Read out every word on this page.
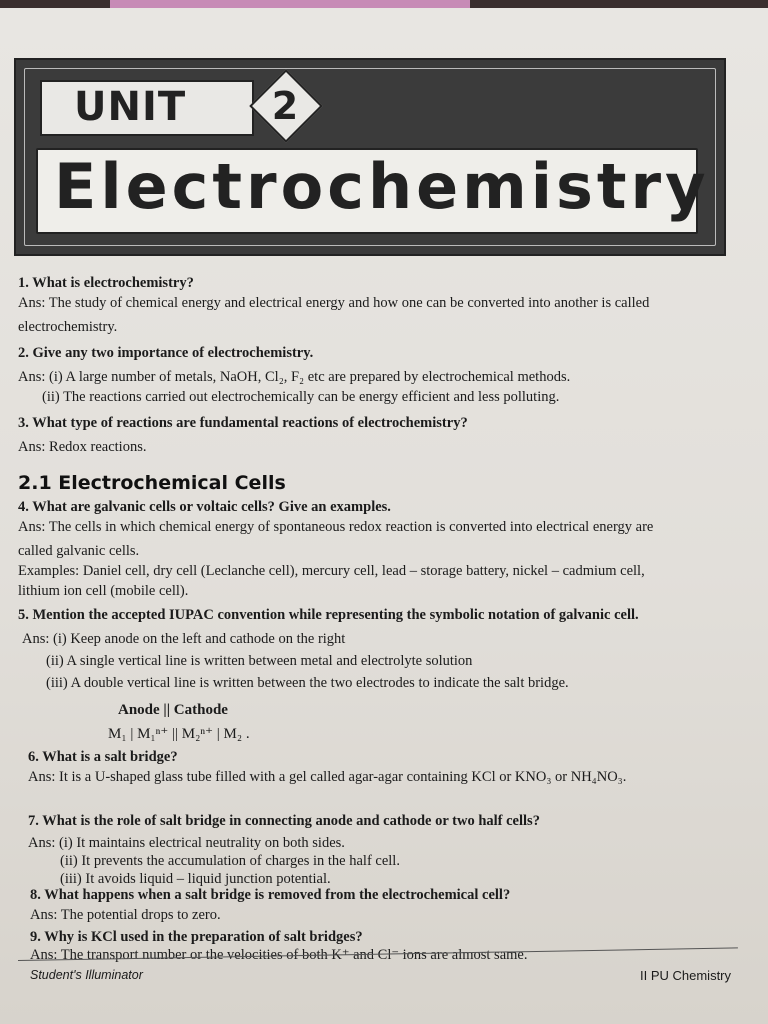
UNIT 2
Electrochemistry
1. What is electrochemistry?
Ans: The study of chemical energy and electrical energy and how one can be converted into another is called
electrochemistry.
2. Give any two importance of electrochemistry.
Ans: (i) A large number of metals, NaOH, Cl₂, F₂ etc are prepared by electrochemical methods.
(ii) The reactions carried out electrochemically can be energy efficient and less polluting.
3. What type of reactions are fundamental reactions of electrochemistry?
Ans: Redox reactions.
2.1 Electrochemical Cells
4. What are galvanic cells or voltaic cells? Give an examples.
Ans: The cells in which chemical energy of spontaneous redox reaction is converted into electrical energy are
called galvanic cells.
Examples: Daniel cell, dry cell (Leclanche cell), mercury cell, lead – storage battery, nickel – cadmium cell,
lithium ion cell (mobile cell).
5. Mention the accepted IUPAC convention while representing the symbolic notation of galvanic cell.
Ans: (i) Keep anode on the left and cathode on the right
(ii) A single vertical line is written between metal and electrolyte solution
(iii) A double vertical line is written between the two electrodes to indicate the salt bridge.
Anode || Cathode
M₁ | M₁ⁿ⁺ || M₂ⁿ⁺ | M₂ .
6. What is a salt bridge?
Ans: It is a U-shaped glass tube filled with a gel called agar-agar containing KCl or KNO₃ or NH₄NO₃.
7. What is the role of salt bridge in connecting anode and cathode or two half cells?
Ans: (i) It maintains electrical neutrality on both sides.
(ii) It prevents the accumulation of charges in the half cell.
(iii) It avoids liquid – liquid junction potential.
8. What happens when a salt bridge is removed from the electrochemical cell?
Ans: The potential drops to zero.
9. Why is KCl used in the preparation of salt bridges?
Ans: The transport number or the velocities of both K⁺ and Cl⁻ ions are almost same.
Student's Illuminator	II PU Chemistry
